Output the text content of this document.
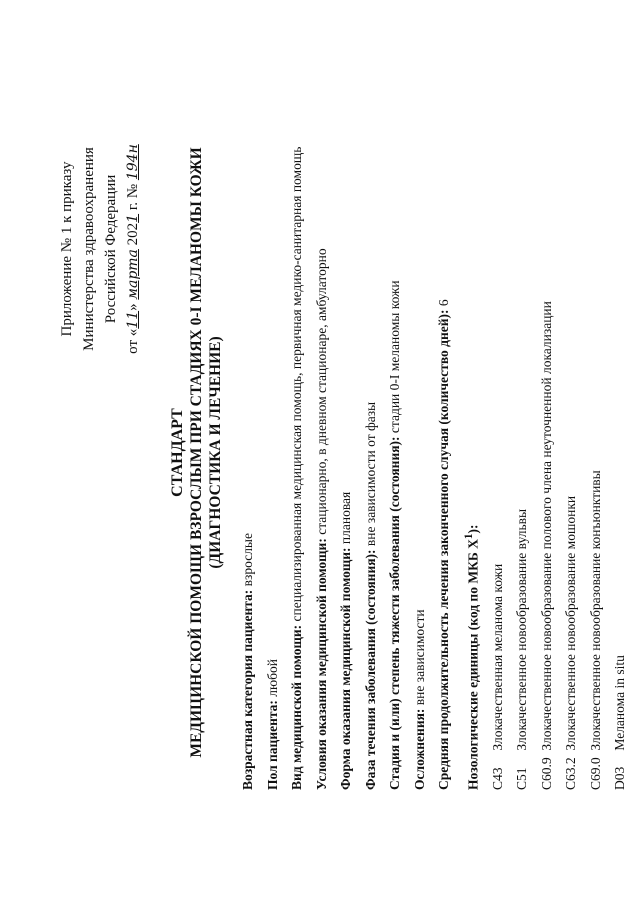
Приложение № 1 к приказу Министерства здравоохранения Российской Федерации
от «11» марта 2021 г. № 194н
СТАНДАРТ МЕДИЦИНСКОЙ ПОМОЩИ ВЗРОСЛЫМ ПРИ СТАДИЯХ 0-I МЕЛАНОМЫ КОЖИ (ДИАГНОСТИКА И ЛЕЧЕНИЕ)
Возрастная категория пациента: взрослые
Пол пациента: любой Вид медицинской помощи: специализированная медицинская помощь, первичная медико-санитарная помощь
Условия оказания медицинской помощи: стационарно, в дневном стационаре, амбулаторно
Форма оказания медицинской помощи: плановая
Фаза течения заболевания (состояния): вне зависимости от фазы Стадия и (или) степень тяжести заболевания (состояния): стадии 0-I меланомы кожи
Осложнения: вне зависимости Средняя продолжительность лечения законченного случая (количество дней): 6
Нозологические единицы (код по МКБ $X^1$):
C43 Злокачественная меланома кожи
C51 Злокачественное новообразование вульвы
C60.9 Злокачественное новообразование полового члена неуточненной локализации
C63.2 Злокачественное новообразование мошонки
C69.0 Злокачественное новообразование конъюнктивы
D03 Меланома in situ
